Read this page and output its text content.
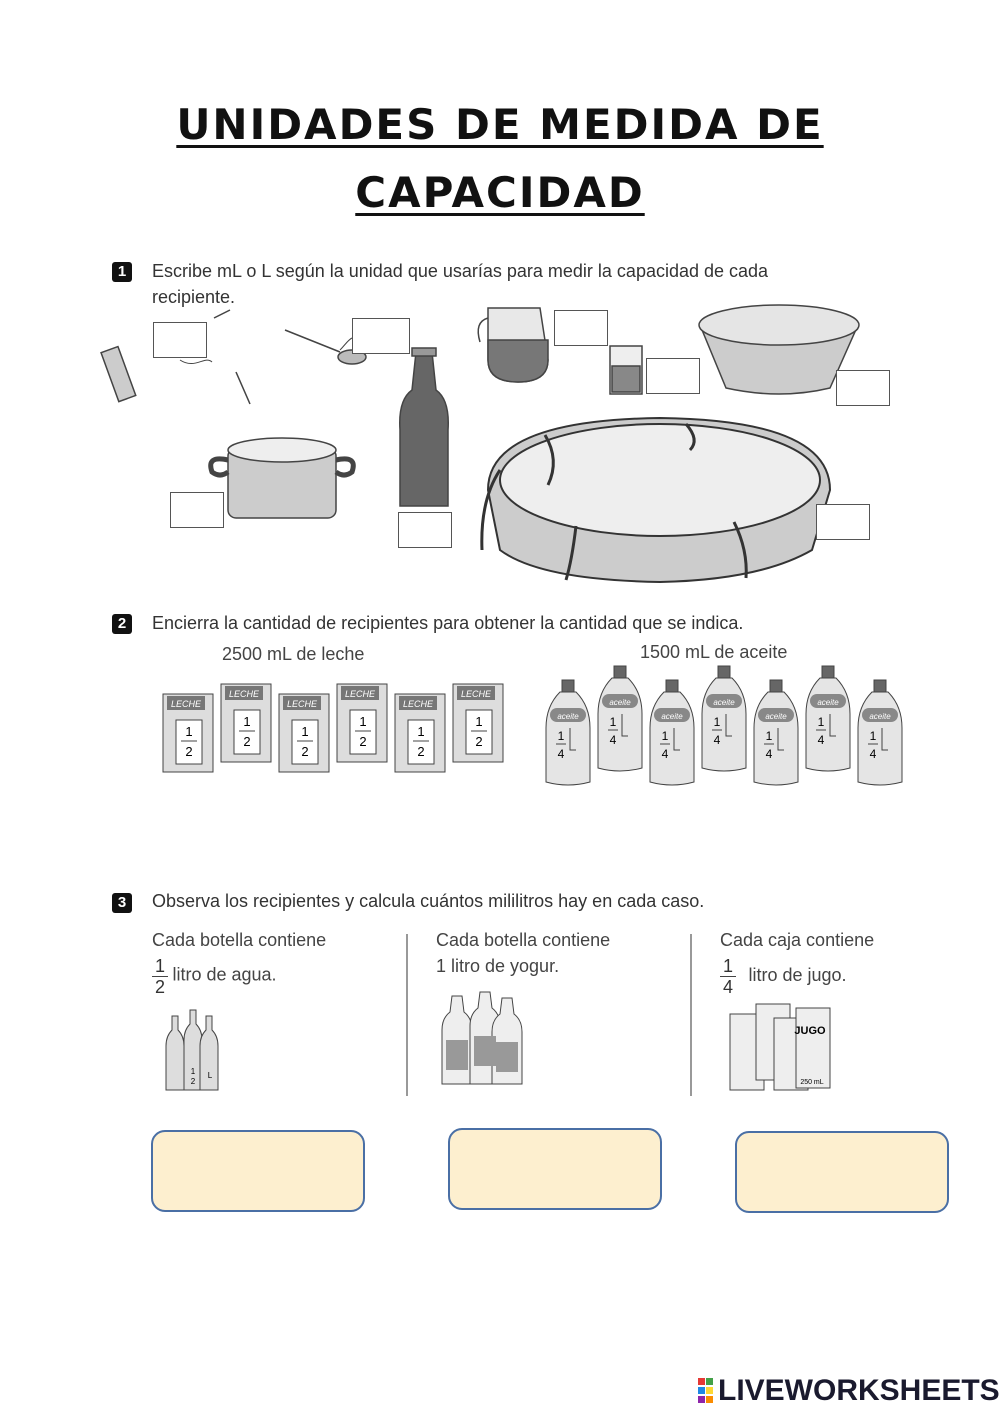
UNIDADES DE MEDIDA DE
CAPACIDAD
1	Escribe mL o L según la unidad que usarías para medir la capacidad de cada recipiente.
2	Encierra la cantidad de recipientes para obtener la cantidad que se indica.
2500 mL de leche	1500 mL de aceite
LECHE
1
2
LECHE
1
2
LECHE
1
2
LECHE
1
2
LECHE
1
2
LECHE
1
2
aceite
1
4
aceite
1
4
aceite
1
4
aceite
1
4
aceite
1
4
aceite
1
4
aceite
1
4
3	Observa los recipientes y calcula cuántos mililitros hay en cada caso.
Cada botella contiene
$\frac{1}{2}$ litro de agua.
1
2
L
Cada botella contiene
1 litro de yogur.
Cada caja contiene
$\frac{1}{4}$ litro de jugo.
JUGO
250 mL
LIVEWORKSHEETS
